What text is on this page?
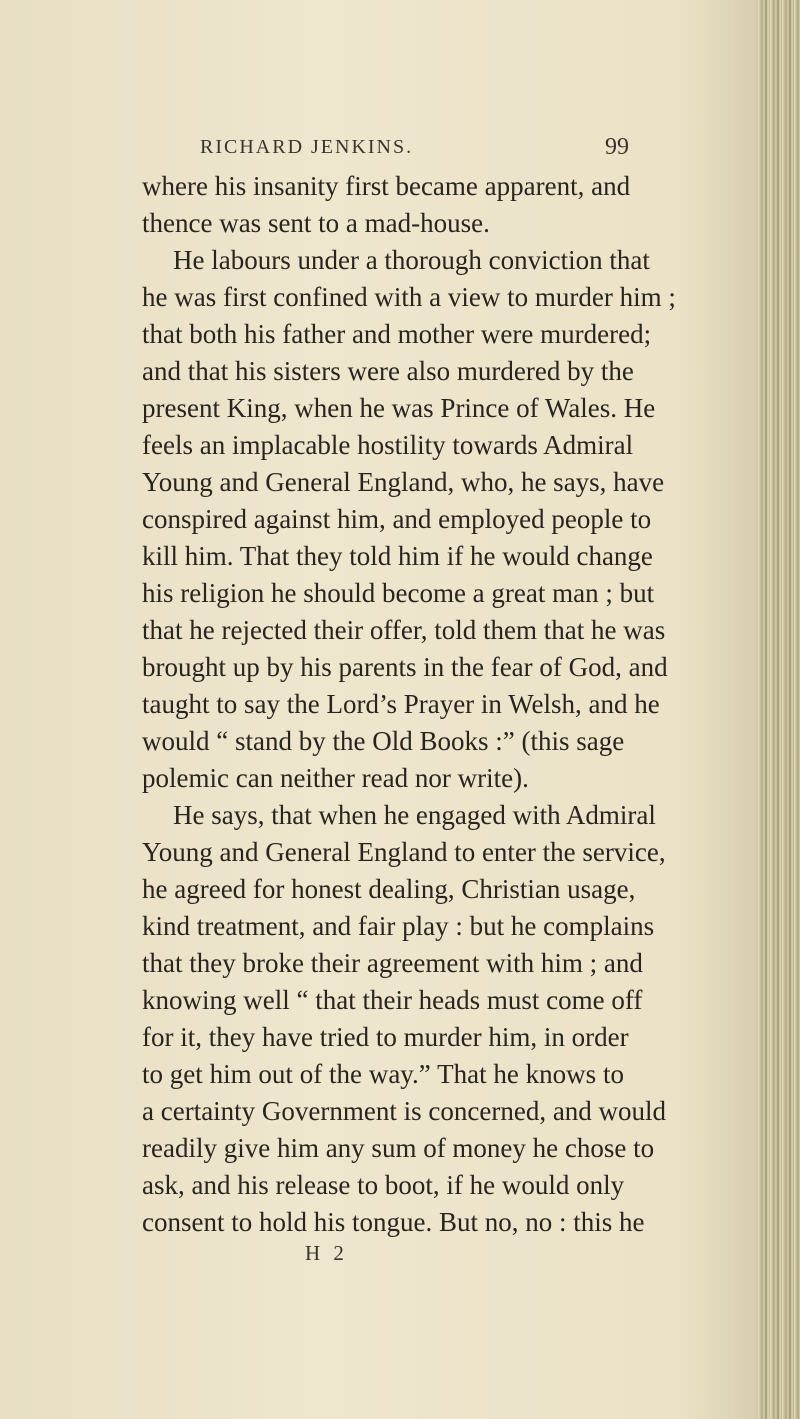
RICHARD JENKINS.	99
where his insanity first became apparent, and
thence was sent to a mad-house.
He labours under a thorough conviction that
he was first confined with a view to murder him ;
that both his father and mother were murdered;
and that his sisters were also murdered by the
present King, when he was Prince of Wales. He
feels an implacable hostility towards Admiral
Young and General England, who, he says, have
conspired against him, and employed people to
kill him. That they told him if he would change
his religion he should become a great man ; but
that he rejected their offer, told them that he was
brought up by his parents in the fear of God, and
taught to say the Lord’s Prayer in Welsh, and he
would “ stand by the Old Books :” (this sage
polemic can neither read nor write).
He says, that when he engaged with Admiral
Young and General England to enter the service,
he agreed for honest dealing, Christian usage,
kind treatment, and fair play : but he complains
that they broke their agreement with him ; and
knowing well “ that their heads must come off
for it, they have tried to murder him, in order
to get him out of the way.” That he knows to
a certainty Government is concerned, and would
readily give him any sum of money he chose to
ask, and his release to boot, if he would only
consent to hold his tongue. But no, no : this he
H 2
